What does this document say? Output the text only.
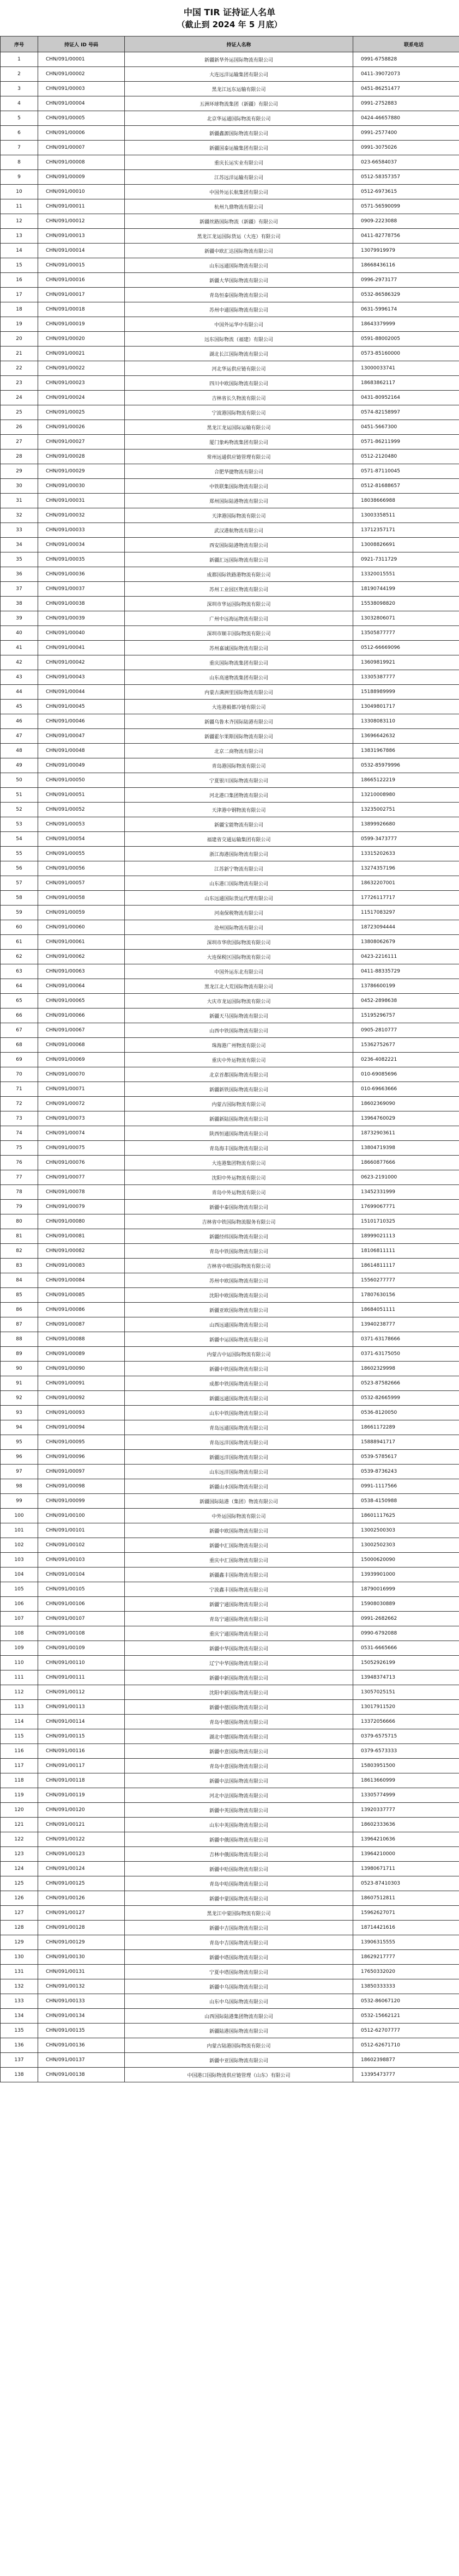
中国 TIR 证持证人名单
（截止到 2024 年 5 月底）
序号	持证人 ID 号码	持证人名称	联系电话
1	CHN/091/00001	新疆新华外运国际物流有限公司	0991-6758828
2	CHN/091/00002	大连远洋运输集团有限公司	0411-39072073
3	CHN/091/00003	黑龙江远东运输有限公司	0451-86251477
4	CHN/091/00004	五洲环球物流集团（新疆）有限公司	0991-2752883
5	CHN/091/00005	北京华运通国际物流有限公司	0424-46657880
6	CHN/091/00006	新疆鑫源国际物流有限公司	0991-2577400
7	CHN/091/00007	新疆国泰运输集团有限公司	0991-3075026
8	CHN/091/00008	重庆长运实业有限公司	023-66584037
9	CHN/091/00009	江苏远洋运输有限公司	0512-58357357
10	CHN/091/00010	中国外运长航集团有限公司	0512-6973615
11	CHN/091/00011	杭州九鼎物流有限公司	0571-56590099
12	CHN/091/00012	新疆丝路国际物流（新疆）有限公司	0909-2223088
13	CHN/091/00013	黑龙江龙运国际货运（大连）有限公司	0411-82778756
14	CHN/091/00014	新疆中欧汇达国际物流有限公司	13079919979
15	CHN/091/00015	山东远通国际物流有限公司	18668436116
16	CHN/091/00016	新疆大华国际物流有限公司	0996-2973177
17	CHN/091/00017	青岛恒泰国际物流有限公司	0532-86586329
18	CHN/091/00018	苏州中通国际物流有限公司	0631-5996174
19	CHN/091/00019	中国外运华中有限公司	18643379999
20	CHN/091/00020	远东国际物流（福建）有限公司	0591-88002005
21	CHN/091/00021	湖北长江国际物流有限公司	0573-85160000
22	CHN/091/00022	河北华运供应链有限公司	13000033741
23	CHN/091/00023	四川中欧国际物流有限公司	18683862117
24	CHN/091/00024	吉林省长久物流有限公司	0431-80952164
25	CHN/091/00025	宁波港国际物流有限公司	0574-82158997
26	CHN/091/00026	黑龙江龙运国际运输有限公司	0451-5667300
27	CHN/091/00027	厦门象屿物流集团有限公司	0571-86211999
28	CHN/091/00028	常州远通供应链管理有限公司	0512-2120480
29	CHN/091/00029	合肥华捷物流有限公司	0571-87110045
30	CHN/091/00030	中铁联集国际物流有限公司	0512-81688657
31	CHN/091/00031	郑州国际陆港物流有限公司	18038666988
32	CHN/091/00032	天津港国际物流有限公司	13003358511
33	CHN/091/00033	武汉港航物流有限公司	13712357171
34	CHN/091/00034	西安国际陆港物流有限公司	13008826691
35	CHN/091/00035	新疆汇远国际物流有限公司	0921-7311729
36	CHN/091/00036	成都国际铁路港物流有限公司	13320015551
37	CHN/091/00037	苏州工业园区物流有限公司	18190744199
38	CHN/091/00038	深圳市华运国际物流有限公司	15538098820
39	CHN/091/00039	广州中远海运物流有限公司	13032806071
40	CHN/091/00040	深圳市顺丰国际物流有限公司	13505877777
41	CHN/091/00041	苏州嘉诚国际物流有限公司	0512-66669096
42	CHN/091/00042	重庆国际物流集团有限公司	13609819921
43	CHN/091/00043	山东高速物流集团有限公司	13305387777
44	CHN/091/00044	内蒙古满洲里国际物流有限公司	15188989999
45	CHN/091/00045	大连港毅都冷链有限公司	13049801717
46	CHN/091/00046	新疆乌鲁木齐国际陆港有限公司	13308083110
47	CHN/091/00047	新疆霍尔果斯国际物流有限公司	13696642632
48	CHN/091/00048	北京二商物流有限公司	13831967886
49	CHN/091/00049	青岛港国际物流有限公司	0532-85979996
50	CHN/091/00050	宁夏银川国际物流有限公司	18665122219
51	CHN/091/00051	河北港口集团物流有限公司	13210008980
52	CHN/091/00052	天津港中钢物流有限公司	13235002751
53	CHN/091/00053	新疆宝能物流有限公司	13899926680
54	CHN/091/00054	福建省交通运输集团有限公司	0599-3473777
55	CHN/091/00055	浙江海港国际物流有限公司	13315202633
56	CHN/091/00056	江苏新宁物流有限公司	13274357196
57	CHN/091/00057	山东港口国际物流有限公司	18632207001
58	CHN/091/00058	山东远通国际货运代理有限公司	17726117717
59	CHN/091/00059	河南保税物流有限公司	11517083297
60	CHN/091/00060	沧州国际物流有限公司	18723094444
61	CHN/091/00061	深圳市华欣国际物流有限公司	13808062679
62	CHN/091/00062	大连保税区国际物流有限公司	0423-2216111
63	CHN/091/00063	中国外运东北有限公司	0411-88335729
64	CHN/091/00064	黑龙江北大荒国际物流有限公司	13786600199
65	CHN/091/00065	大庆市龙运国际物流有限公司	0452-2898638
66	CHN/091/00066	新疆天马国际物流有限公司	15195296757
67	CHN/091/00067	山西中铁国际物流有限公司	0905-2810777
68	CHN/091/00068	珠海港广州物流有限公司	15362752677
69	CHN/091/00069	重庆中外运物流有限公司	0236-4082221
70	CHN/091/00070	北京首都国际物流有限公司	010-69085696
71	CHN/091/00071	新疆新铁国际物流有限公司	010-69663666
72	CHN/091/00072	内蒙古国际物流有限公司	18602369090
73	CHN/091/00073	新疆新陆国际物流有限公司	13964760029
74	CHN/091/00074	陕西恒通国际物流有限公司	18732903611
75	CHN/091/00075	青岛海丰国际物流有限公司	13804719398
76	CHN/091/00076	大连港集团物流有限公司	18660877666
77	CHN/091/00077	沈阳中外运物流有限公司	0623-2191000
78	CHN/091/00078	青岛中外运物流有限公司	13452331999
79	CHN/091/00079	新疆中泰国际物流有限公司	17699067771
80	CHN/091/00080	吉林省中铁国际物流服务有限公司	15101710325
81	CHN/091/00081	新疆经纬国际物流有限公司	18999021113
82	CHN/091/00082	青岛中铁国际物流有限公司	18106811111
83	CHN/091/00083	吉林省中欧国际物流有限公司	18614811117
84	CHN/091/00084	苏州中欧国际物流有限公司	15560277777
85	CHN/091/00085	沈阳中欧国际物流有限公司	17807630156
86	CHN/091/00086	新疆亚欧国际物流有限公司	18684051111
87	CHN/091/00087	山西远通国际物流有限公司	13940238777
88	CHN/091/00088	新疆中运国际物流有限公司	0371-63178666
89	CHN/091/00089	内蒙古中运国际物流有限公司	0371-63175050
90	CHN/091/00090	新疆中铁国际物流有限公司	18602329998
91	CHN/091/00091	成都中铁国际物流有限公司	0523-87582666
92	CHN/091/00092	新疆远通国际物流有限公司	0532-82665999
93	CHN/091/00093	山东中铁国际物流有限公司	0536-8120050
94	CHN/091/00094	青岛远通国际物流有限公司	18661172289
95	CHN/091/00095	青岛远洋国际物流有限公司	15888941717
96	CHN/091/00096	新疆远洋国际物流有限公司	0539-5785617
97	CHN/091/00097	山东远洋国际物流有限公司	0539-8736243
98	CHN/091/00098	新疆山水国际物流有限公司	0991-1117566
99	CHN/091/00099	新疆国际陆港（集团）物流有限公司	0538-4150988
100	CHN/091/00100	中外运国际物流有限公司	18601117625
101	CHN/091/00101	新疆中欧国际物流有限公司	13002500303
102	CHN/091/00102	新疆中汇国际物流有限公司	13002502303
103	CHN/091/00103	重庆中汇国际物流有限公司	15000620090
104	CHN/091/00104	新疆鑫丰国际物流有限公司	13939901000
105	CHN/091/00105	宁波鑫丰国际物流有限公司	18790016999
106	CHN/091/00106	新疆宁通国际物流有限公司	15908030889
107	CHN/091/00107	青岛宁通国际物流有限公司	0991-2682662
108	CHN/091/00108	重庆宁通国际物流有限公司	0990-6792088
109	CHN/091/00109	新疆中华国际物流有限公司	0531-6665666
110	CHN/091/00110	辽宁中华国际物流有限公司	15052926199
111	CHN/091/00111	新疆中新国际物流有限公司	13948374713
112	CHN/091/00112	沈阳中新国际物流有限公司	13057025151
113	CHN/091/00113	新疆中德国际物流有限公司	13017911520
114	CHN/091/00114	青岛中德国际物流有限公司	13372056666
115	CHN/091/00115	湖北中德国际物流有限公司	0379-6575715
116	CHN/091/00116	新疆中意国际物流有限公司	0379-6573333
117	CHN/091/00117	青岛中意国际物流有限公司	15803951500
118	CHN/091/00118	新疆中法国际物流有限公司	18613660999
119	CHN/091/00119	河北中法国际物流有限公司	13305774999
120	CHN/091/00120	新疆中英国际物流有限公司	13920337777
121	CHN/091/00121	山东中英国际物流有限公司	18602333636
122	CHN/091/00122	新疆中俄国际物流有限公司	13964210636
123	CHN/091/00123	吉林中俄国际物流有限公司	13964210000
124	CHN/091/00124	新疆中哈国际物流有限公司	13980671711
125	CHN/091/00125	青岛中哈国际物流有限公司	0523-87410303
126	CHN/091/00126	新疆中蒙国际物流有限公司	18607512811
127	CHN/091/00127	黑龙江中蒙国际物流有限公司	15962627071
128	CHN/091/00128	新疆中吉国际物流有限公司	18714421616
129	CHN/091/00129	青岛中吉国际物流有限公司	13906315555
130	CHN/091/00130	新疆中塔国际物流有限公司	18629217777
131	CHN/091/00131	宁夏中塔国际物流有限公司	17650332020
132	CHN/091/00132	新疆中乌国际物流有限公司	13850333333
133	CHN/091/00133	山东中乌国际物流有限公司	0532-86067120
134	CHN/091/00134	山西国际陆港集团物流有限公司	0532-15662121
135	CHN/091/00135	新疆陆港国际物流有限公司	0512-62707777
136	CHN/091/00136	内蒙古陆港国际物流有限公司	0512-62671710
137	CHN/091/00137	新疆中亚国际物流有限公司	18602398877
138	CHN/091/00138	中国港口国际物流供应链管理（山东）有限公司	13395473777
